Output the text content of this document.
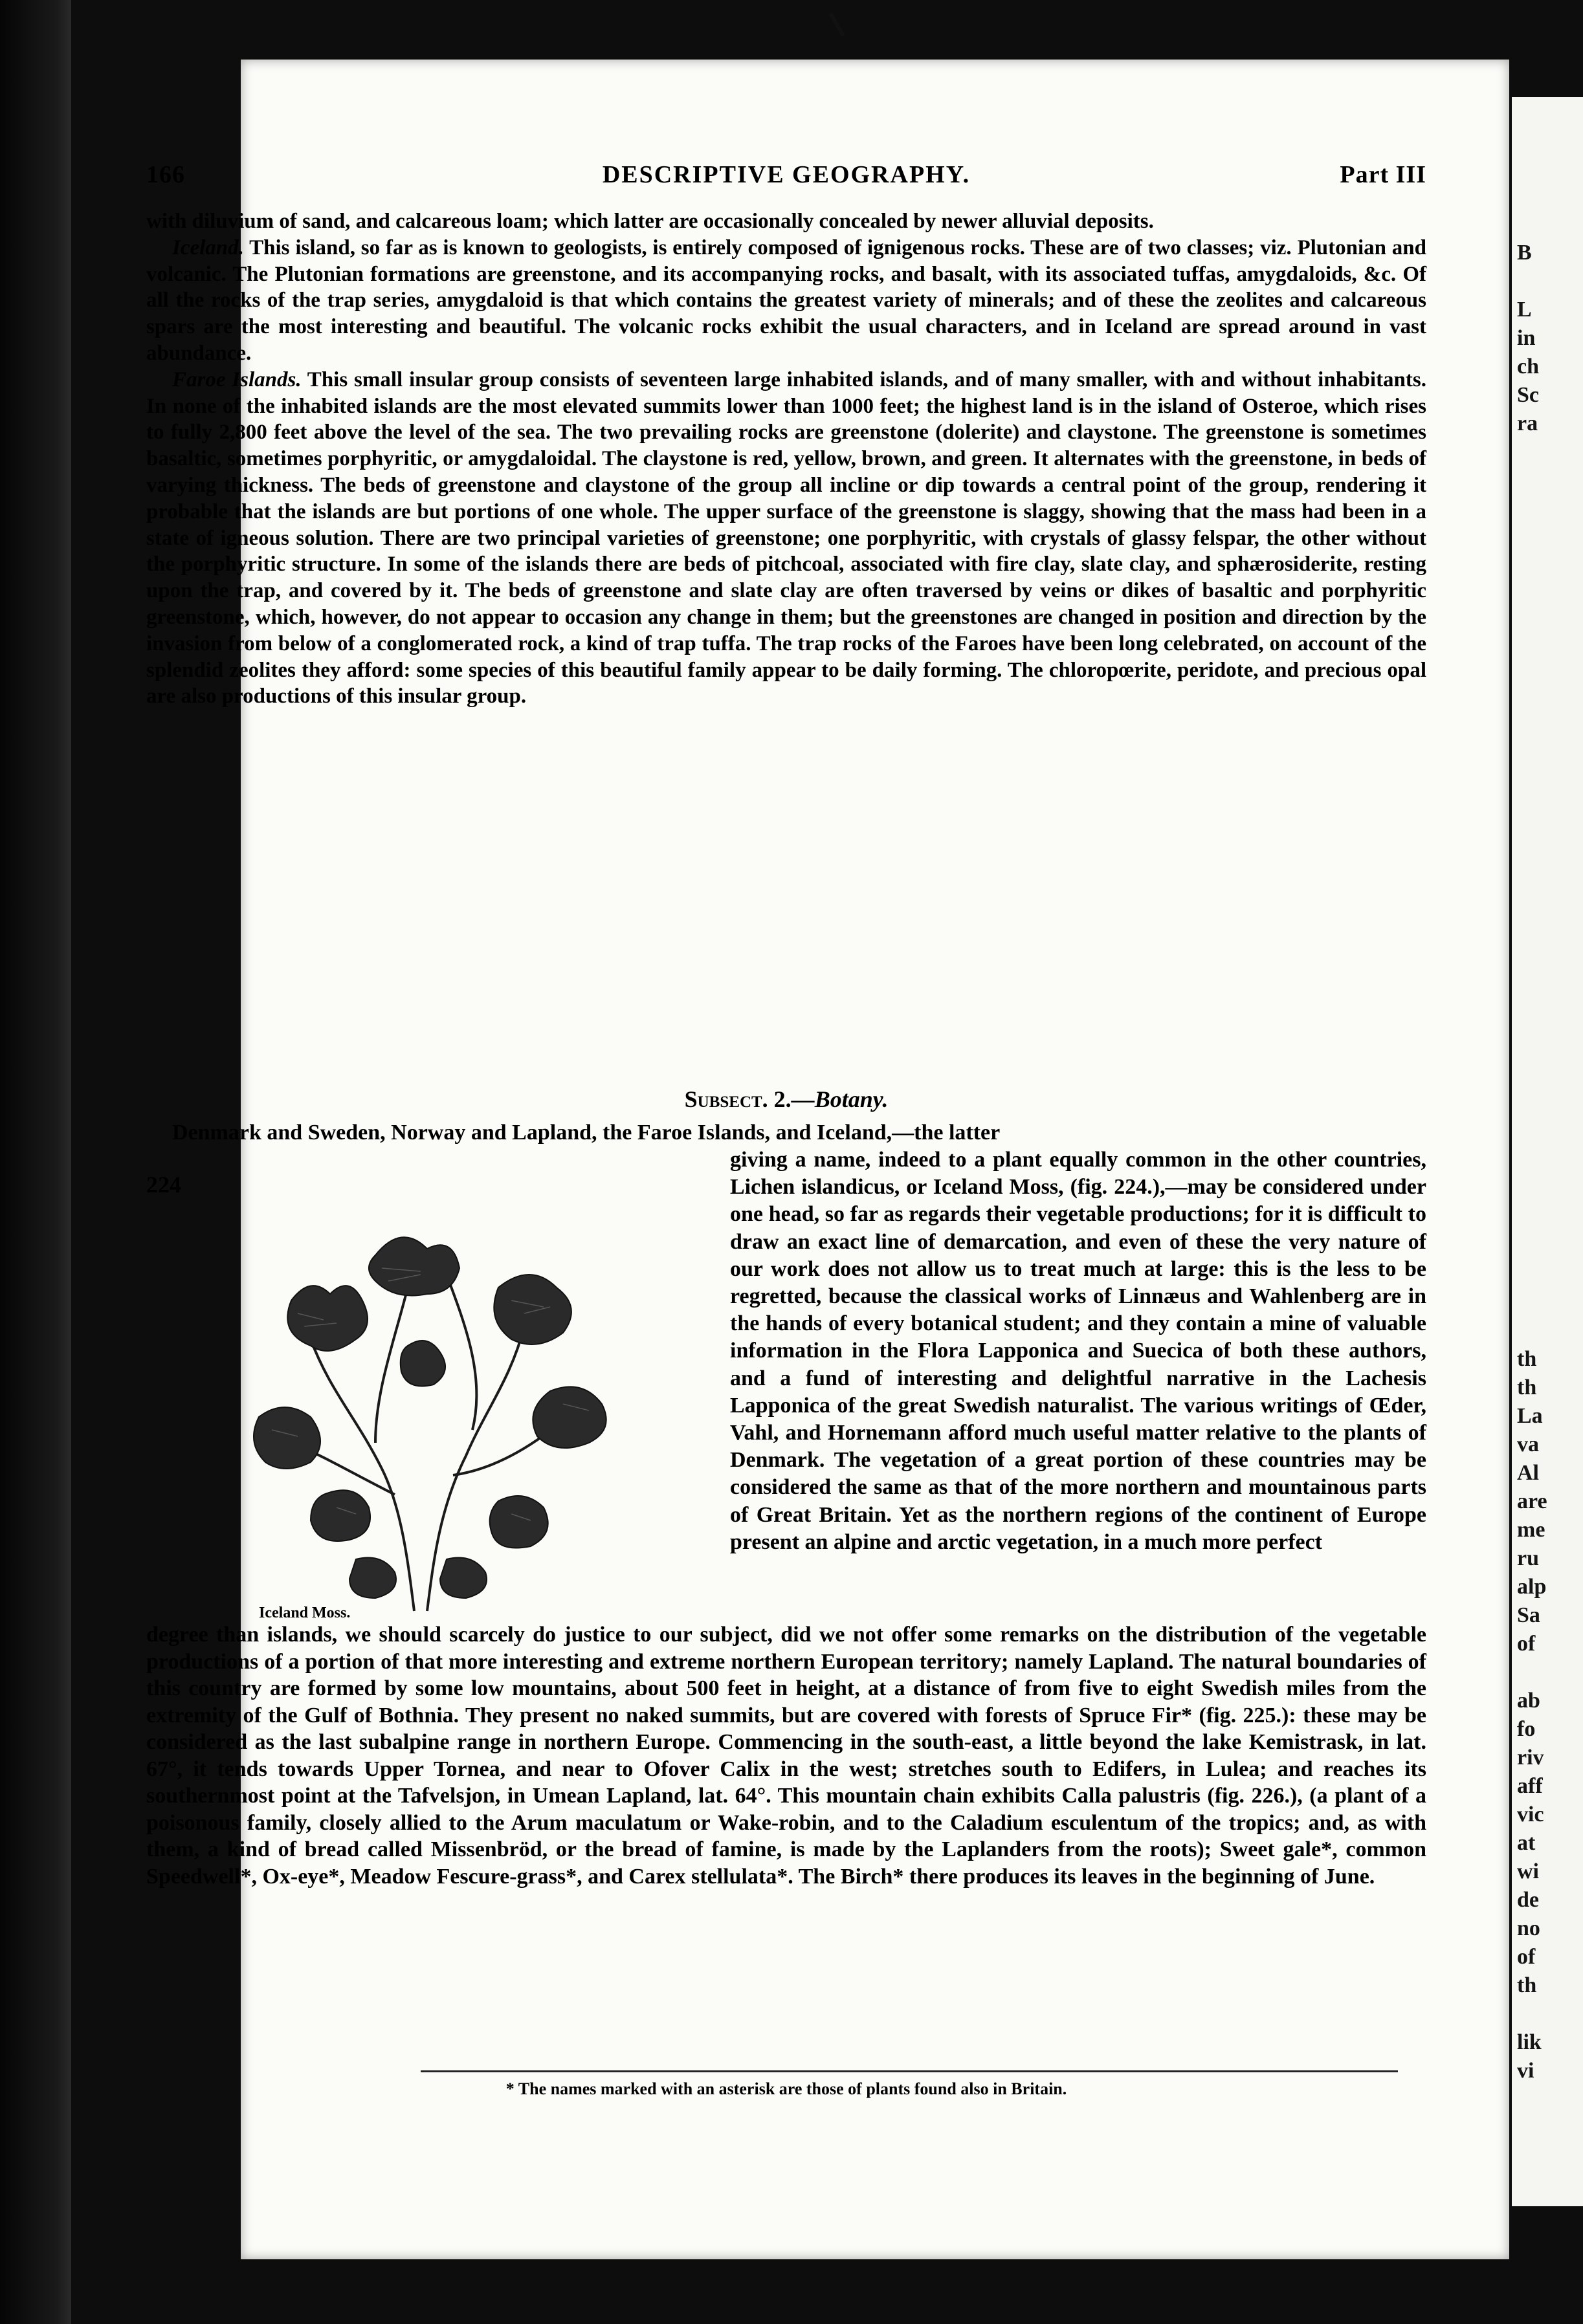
B
L
in
ch
Sc
ra
th
th
La
va
Al
are
me
ru
alp
Sa
of
ab
fo
riv
aff
vic
at
wi
de
no
of
th
lik
vi
166	DESCRIPTIVE GEOGRAPHY.	Part III

with diluvium of sand, and calcareous loam; which latter are occasionally concealed by newer alluvial deposits.

Iceland. This island, so far as is known to geologists, is entirely composed of ignigenous rocks. These are of two classes; viz. Plutonian and volcanic. The Plutonian formations are greenstone, and its accompanying rocks, and basalt, with its associated tuffas, amygdaloids, &c. Of all the rocks of the trap series, amygdaloid is that which contains the greatest variety of minerals; and of these the zeolites and calcareous spars are the most interesting and beautiful. The volcanic rocks exhibit the usual characters, and in Iceland are spread around in vast abundance.

Faroe Islands. This small insular group consists of seventeen large inhabited islands, and of many smaller, with and without inhabitants. In none of the inhabited islands are the most elevated summits lower than 1000 feet; the highest land is in the island of Osteroe, which rises to fully 2,800 feet above the level of the sea. The two prevailing rocks are greenstone (dolerite) and claystone. The greenstone is sometimes basaltic, sometimes porphyritic, or amygdaloidal. The claystone is red, yellow, brown, and green. It alternates with the greenstone, in beds of varying thickness. The beds of greenstone and claystone of the group all incline or dip towards a central point of the group, rendering it probable that the islands are but portions of one whole. The upper surface of the greenstone is slaggy, showing that the mass had been in a state of igneous solution. There are two principal varieties of greenstone; one porphyritic, with crystals of glassy felspar, the other without the porphyritic structure. In some of the islands there are beds of pitchcoal, associated with fire clay, slate clay, and sphærosiderite, resting upon the trap, and covered by it. The beds of greenstone and slate clay are often traversed by veins or dikes of basaltic and porphyritic greenstone, which, however, do not appear to occasion any change in them; but the greenstones are changed in position and direction by the invasion from below of a conglomerated rock, a kind of trap tuffa. The trap rocks of the Faroes have been long celebrated, on account of the splendid zeolites they afford: some species of this beautiful family appear to be daily forming. The chloropœrite, peridote, and precious opal are also productions of this insular group.

Subsect. 2.—Botany.
Denmark and Sweden, Norway and Lapland, the Faroe Islands, and Iceland,—the latter
224
Iceland Moss.
giving a name, indeed to a plant equally common in the other countries, Lichen islandicus, or Iceland Moss, (fig. 224.),—may be considered under one head, so far as regards their vegetable productions; for it is difficult to draw an exact line of demarcation, and even of these the very nature of our work does not allow us to treat much at large: this is the less to be regretted, because the classical works of Linnæus and Wahlenberg are in the hands of every botanical student; and they contain a mine of valuable information in the Flora Lapponica and Suecica of both these authors, and a fund of interesting and delightful narrative in the Lachesis Lapponica of the great Swedish naturalist. The various writings of Œder, Vahl, and Hornemann afford much useful matter relative to the plants of Denmark. The vegetation of a great portion of these countries may be considered the same as that of the more northern and mountainous parts of Great Britain. Yet as the northern regions of the continent of Europe present an alpine and arctic vegetation, in a much more perfect
degree than islands, we should scarcely do justice to our subject, did we not offer some remarks on the distribution of the vegetable productions of a portion of that more interesting and extreme northern European territory; namely Lapland. The natural boundaries of this country are formed by some low mountains, about 500 feet in height, at a distance of from five to eight Swedish miles from the extremity of the Gulf of Bothnia. They present no naked summits, but are covered with forests of Spruce Fir* (fig. 225.): these may be considered as the last subalpine range in northern Europe. Commencing in the south-east, a little beyond the lake Kemistrask, in lat. 67°, it tends towards Upper Tornea, and near to Ofover Calix in the west; stretches south to Edifers, in Lulea; and reaches its southernmost point at the Tafvelsjon, in Umean Lapland, lat. 64°. This mountain chain exhibits Calla palustris (fig. 226.), (a plant of a poisonous family, closely allied to the Arum maculatum or Wake-robin, and to the Caladium esculentum of the tropics; and, as with them, a kind of bread called Missenbröd, or the bread of famine, is made by the Laplanders from the roots); Sweet gale*, common Speedwell*, Ox-eye*, Meadow Fescure-grass*, and Carex stellulata*. The Birch* there produces its leaves in the beginning of June.
* The names marked with an asterisk are those of plants found also in Britain.
